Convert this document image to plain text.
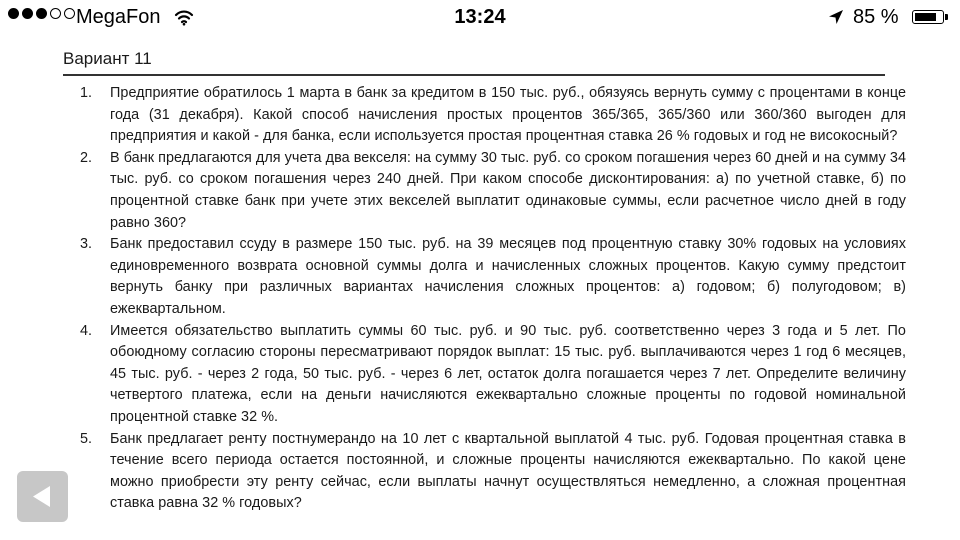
MegaFon	13:24	85 %
Вариант 11
1.	Предприятие обратилось 1 марта в банк за кредитом в 150 тыс. руб., обязуясь вернуть сумму с процентами в конце года (31 декабря). Какой способ начисления простых процентов 365/365, 365/360 или 360/360 выгоден для предприятия и какой - для банка, если используется простая процентная ставка 26 % годовых и год не високосный?
2.	В банк предлагаются для учета два векселя: на сумму 30 тыс. руб. со сроком погашения через 60 дней и на сумму 34 тыс. руб. со сроком погашения через 240 дней. При каком способе дисконтирования: а) по учетной ставке, б) по процентной ставке банк при учете этих векселей выплатит одинаковые суммы, если расчетное число дней в году равно 360?
3.	Банк предоставил ссуду в размере 150 тыс. руб. на 39 месяцев под процентную ставку 30% годовых на условиях единовременного возврата основной суммы долга и начисленных сложных процентов. Какую сумму предстоит вернуть банку при различных вариантах начисления сложных процентов: а) годовом; б) полугодовом; в) ежеквартальном.
4.	Имеется обязательство выплатить суммы 60 тыс. руб. и 90 тыс. руб. соответственно через 3 года и 5 лет. По обоюдному согласию стороны пересматривают порядок выплат: 15 тыс. руб. выплачиваются через 1 год 6 месяцев, 45 тыс. руб. - через 2 года, 50 тыс. руб. - через 6 лет, остаток долга погашается через 7 лет. Определите величину четвертого платежа, если на деньги начисляются ежеквартально сложные проценты по годовой номинальной процентной ставке 32 %.
5.	Банк предлагает ренту постнумерандо на 10 лет с квартальной выплатой 4 тыс. руб. Годовая процентная ставка в течение всего периода остается постоянной, и сложные проценты начисляются ежеквартально. По какой цене можно приобрести эту ренту сейчас, если выплаты начнут осуществляться немедленно, а сложная процентная ставка равна 32 % годовых?
